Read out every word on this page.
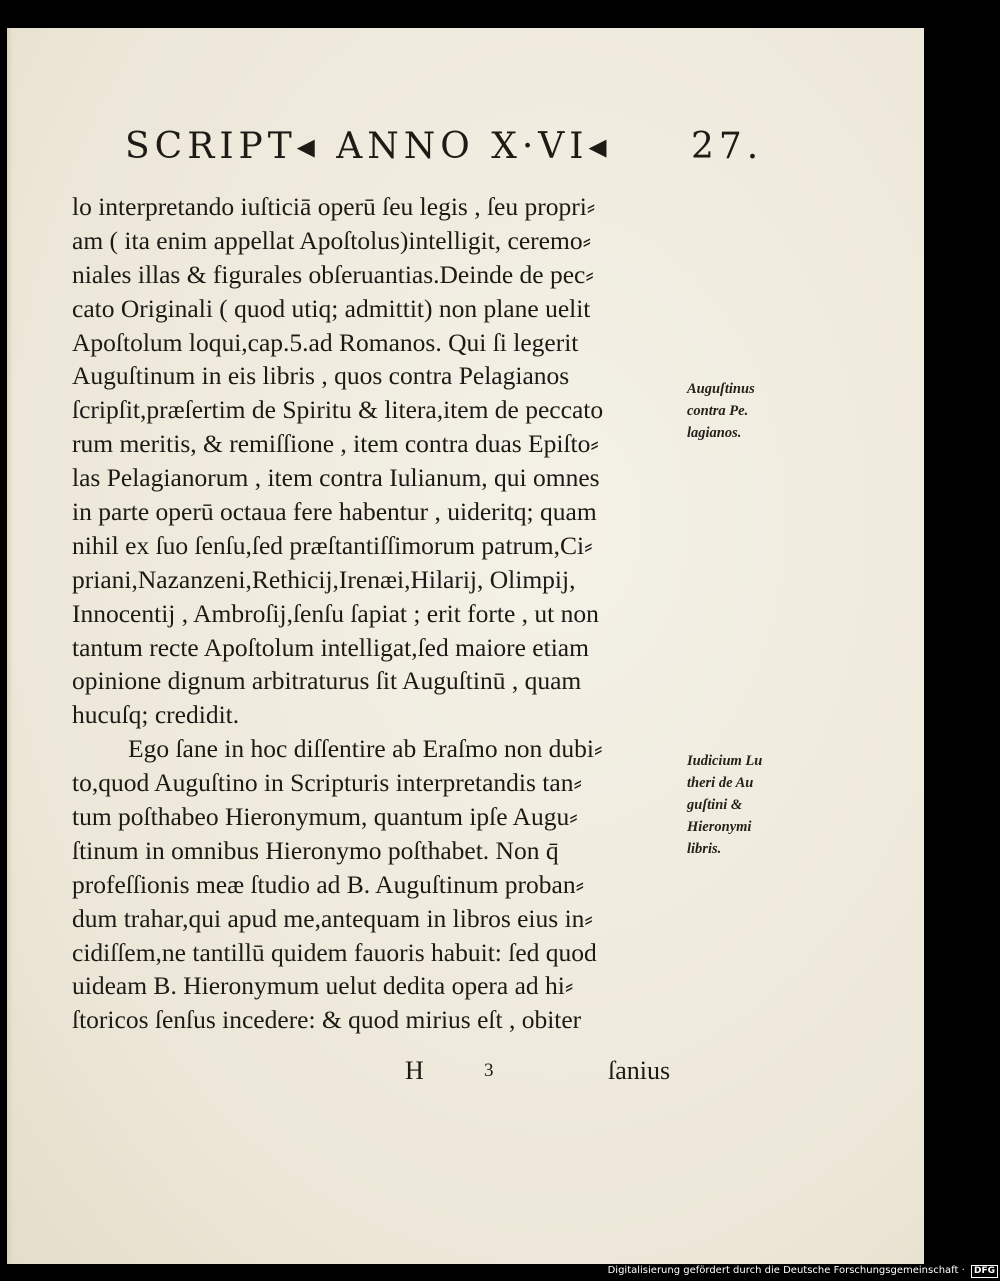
SCRIPT◂ ANNO X·VI◂ 27.
lo interpretando iuſticiā operū ſeu legis , ſeu propri⸗
am ( ita enim appellat Apoſtolus)intelligit, ceremo⸗
niales illas & figurales obſeruantias.Deinde de pec⸗
cato Originali ( quod utiq; admittit) non plane uelit
Apoſtolum loqui,cap.5.ad Romanos. Qui ſi legerit
Auguſtinum in eis libris , quos contra Pelagianos
ſcripſit,præſertim de Spiritu & litera,item de peccato
rum meritis, & remiſſione , item contra duas Epiſto⸗
las Pelagianorum , item contra Iulianum, qui omnes
in parte operū octaua fere habentur , uideritq; quam
nihil ex ſuo ſenſu,ſed præſtantiſſimorum patrum,Ci⸗
priani,Nazanzeni,Rethicij,Irenæi,Hilarij, Olimpij,
Innocentij , Ambroſij,ſenſu ſapiat ; erit forte , ut non
tantum recte Apoſtolum intelligat,ſed maiore etiam
opinione dignum arbitraturus ſit Auguſtinū , quam
hucuſq; credidit.
Ego ſane in hoc diſſentire ab Eraſmo non dubi⸗
to,quod Auguſtino in Scripturis interpretandis tan⸗
tum poſthabeo Hieronymum, quantum ipſe Augu⸗
ſtinum in omnibus Hieronymo poſthabet. Non q̄
profeſſionis meæ ſtudio ad B. Auguſtinum proban⸗
dum trahar,qui apud me,antequam in libros eius in⸗
cidiſſem,ne tantillū quidem fauoris habuit: ſed quod
uideam B. Hieronymum uelut dedita opera ad hi⸗
ſtoricos ſenſus incedere: & quod mirius eſt , obiter
Auguſtinus
contra Pe.
lagianos.
Iudicium Lu
theri de Au
guſtini &
Hieronymi
libris.
H	3	ſanius
Digitalisierung gefördert durch die Deutsche Forschungsgemeinschaft · DFG
